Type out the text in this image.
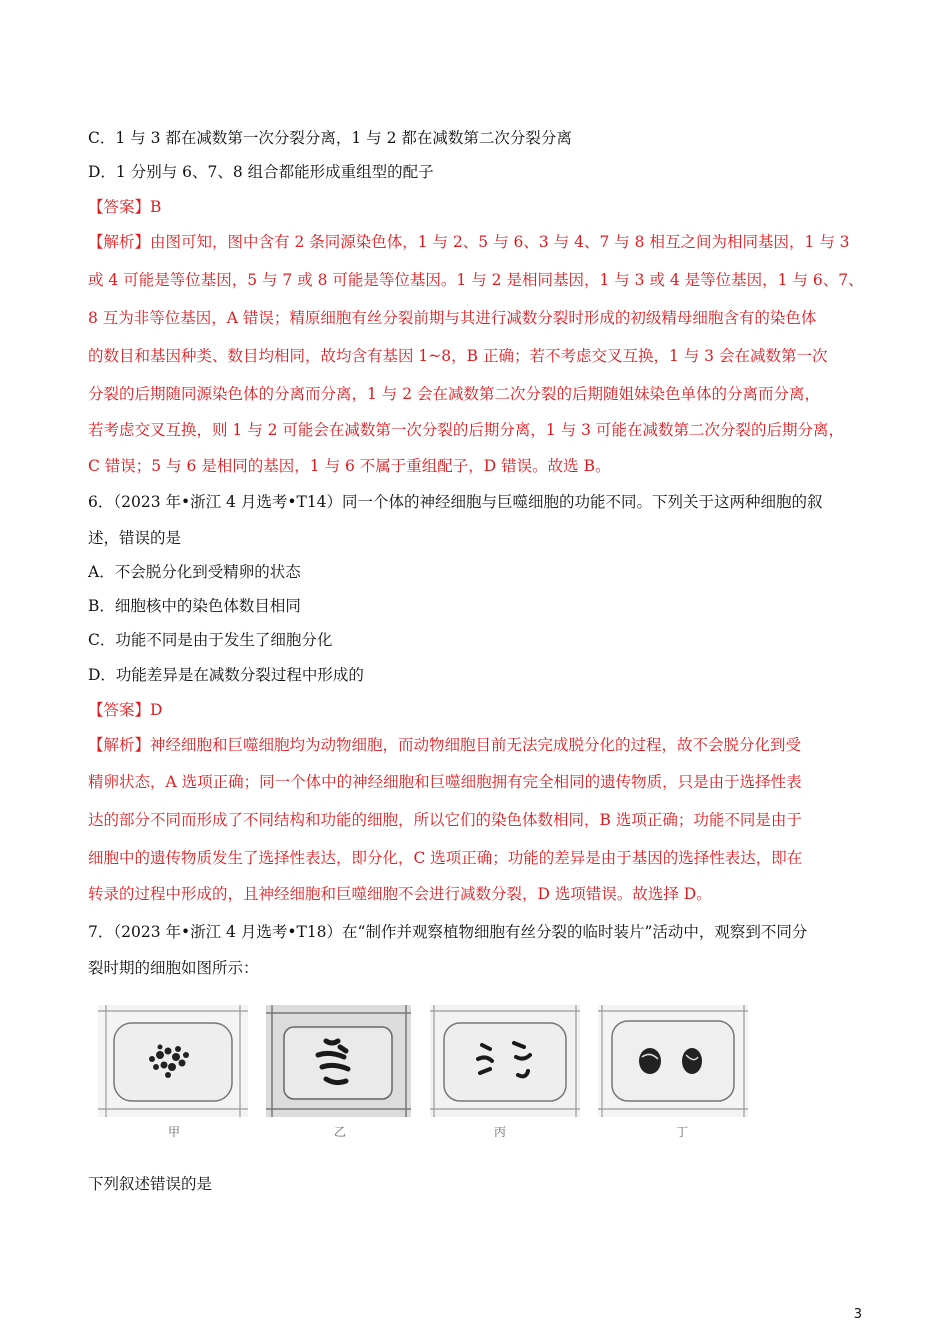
C．1 与 3 都在减数第一次分裂分离，1 与 2 都在减数第二次分裂分离
D．1 分别与 6、7、8 组合都能形成重组型的配子
【答案】B
【解析】由图可知，图中含有 2 条同源染色体，1 与 2、5 与 6、3 与 4、7 与 8 相互之间为相同基因，1 与 3
或 4 可能是等位基因，5 与 7 或 8 可能是等位基因。1 与 2 是相同基因，1 与 3 或 4 是等位基因，1 与 6、7、
8 互为非等位基因，A 错误；精原细胞有丝分裂前期与其进行减数分裂时形成的初级精母细胞含有的染色体
的数目和基因种类、数目均相同，故均含有基因 1~8，B 正确；若不考虑交叉互换，1 与 3 会在减数第一次
分裂的后期随同源染色体的分离而分离，1 与 2 会在减数第二次分裂的后期随姐妹染色单体的分离而分离，
若考虑交叉互换，则 1 与 2 可能会在减数第一次分裂的后期分离，1 与 3 可能在减数第二次分裂的后期分离，
C 错误；5 与 6 是相同的基因，1 与 6 不属于重组配子，D 错误。故选 B。
6．（2023 年•浙江 4 月选考•T14）同一个体的神经细胞与巨噬细胞的功能不同。下列关于这两种细胞的叙
述，错误的是
A．不会脱分化到受精卵的状态
B．细胞核中的染色体数目相同
C．功能不同是由于发生了细胞分化
D．功能差异是在减数分裂过程中形成的
【答案】D
【解析】神经细胞和巨噬细胞均为动物细胞，而动物细胞目前无法完成脱分化的过程，故不会脱分化到受
精卵状态，A 选项正确；同一个体中的神经细胞和巨噬细胞拥有完全相同的遗传物质，只是由于选择性表
达的部分不同而形成了不同结构和功能的细胞，所以它们的染色体数相同，B 选项正确；功能不同是由于
细胞中的遗传物质发生了选择性表达，即分化，C 选项正确；功能的差异是由于基因的选择性表达，即在
转录的过程中形成的，且神经细胞和巨噬细胞不会进行减数分裂，D 选项错误。故选择 D。
7．（2023 年•浙江 4 月选考•T18）在“制作并观察植物细胞有丝分裂的临时装片”活动中，观察到不同分
裂时期的细胞如图所示：
甲	乙	丙	丁
下列叙述错误的是
3
